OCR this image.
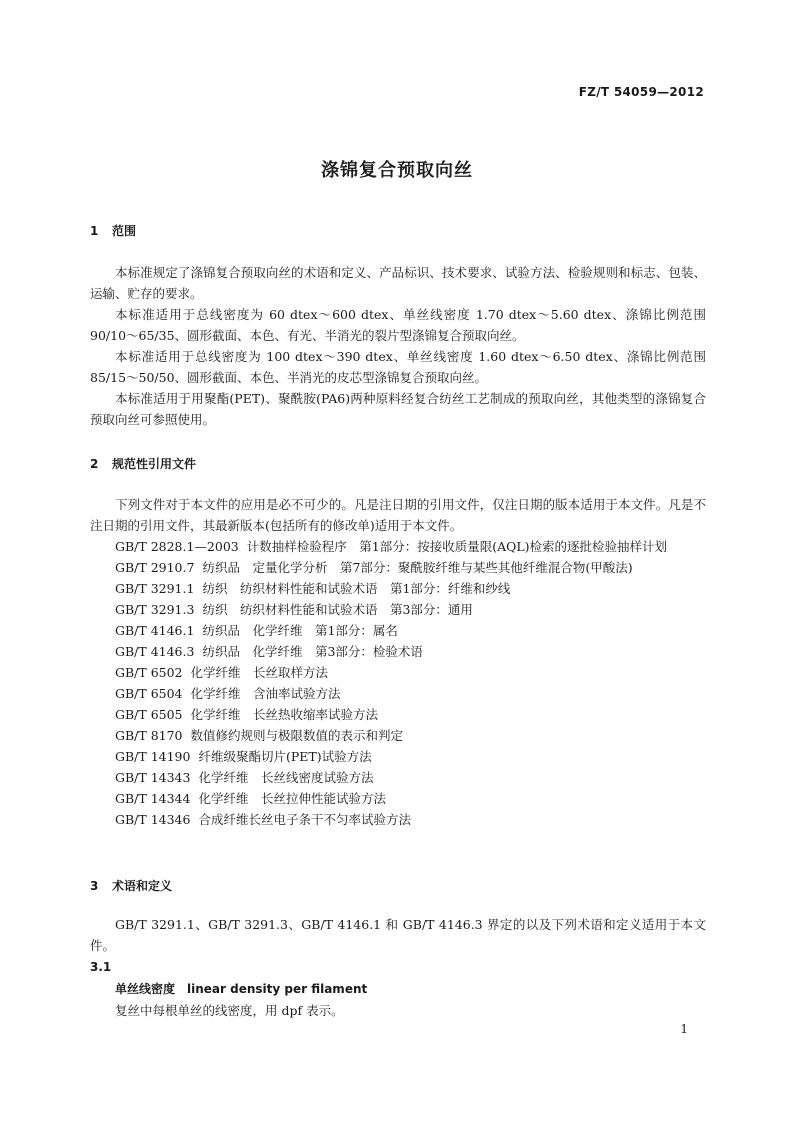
FZ/T 54059—2012
涤锦复合预取向丝
1 范围
本标准规定了涤锦复合预取向丝的术语和定义、产品标识、技术要求、试验方法、检验规则和标志、包装、运输、贮存的要求。
本标准适用于总线密度为 60 dtex～600 dtex、单丝线密度 1.70 dtex～5.60 dtex、涤锦比例范围 90/10～65/35、圆形截面、本色、有光、半消光的裂片型涤锦复合预取向丝。
本标准适用于总线密度为 100 dtex～390 dtex、单丝线密度 1.60 dtex～6.50 dtex、涤锦比例范围 85/15～50/50、圆形截面、本色、半消光的皮芯型涤锦复合预取向丝。
本标准适用于用聚酯(PET)、聚酰胺(PA6)两种原料经复合纺丝工艺制成的预取向丝，其他类型的涤锦复合预取向丝可参照使用。
2 规范性引用文件
下列文件对于本文件的应用是必不可少的。凡是注日期的引用文件，仅注日期的版本适用于本文件。凡是不注日期的引用文件，其最新版本(包括所有的修改单)适用于本文件。
GB/T 2828.1—2003 计数抽样检验程序　第1部分：按接收质量限(AQL)检索的逐批检验抽样计划
GB/T 2910.7 纺织品　定量化学分析　第7部分：聚酰胺纤维与某些其他纤维混合物(甲酸法)
GB/T 3291.1 纺织　纺织材料性能和试验术语　第1部分：纤维和纱线
GB/T 3291.3 纺织　纺织材料性能和试验术语　第3部分：通用
GB/T 4146.1 纺织品　化学纤维　第1部分：属名
GB/T 4146.3 纺织品　化学纤维　第3部分：检验术语
GB/T 6502 化学纤维　长丝取样方法
GB/T 6504 化学纤维　含油率试验方法
GB/T 6505 化学纤维　长丝热收缩率试验方法
GB/T 8170 数值修约规则与极限数值的表示和判定
GB/T 14190 纤维级聚酯切片(PET)试验方法
GB/T 14343 化学纤维　长丝线密度试验方法
GB/T 14344 化学纤维　长丝拉伸性能试验方法
GB/T 14346 合成纤维长丝电子条干不匀率试验方法
3 术语和定义
GB/T 3291.1、GB/T 3291.3、GB/T 4146.1 和 GB/T 4146.3 界定的以及下列术语和定义适用于本文件。
3.1
单丝线密度 linear density per filament
复丝中每根单丝的线密度，用 dpf 表示。
1
